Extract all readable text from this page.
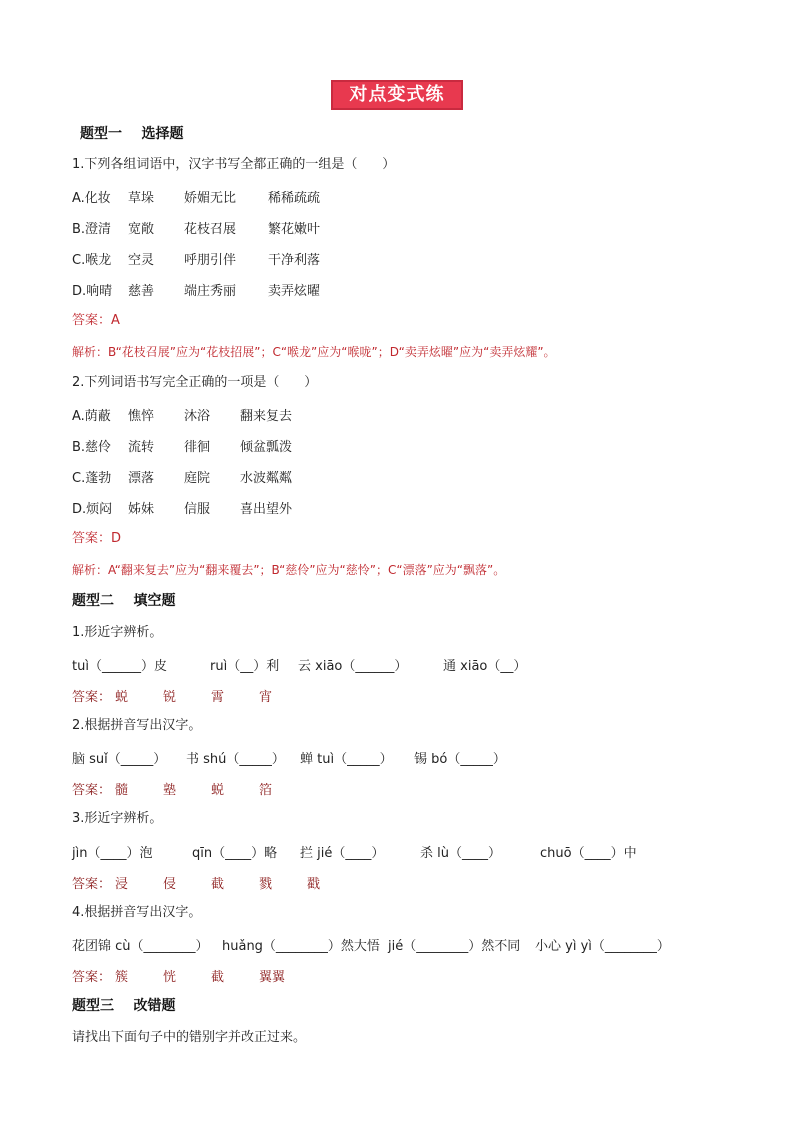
对点变式练
题型一    选择题
1.下列各组词语中，汉字书写全都正确的一组是（      ）
A.化妆 草垛 娇媚无比 稀稀疏疏
B.澄清 宽敞 花枝召展 繁花嫩叶
C.喉龙 空灵 呼朋引伴 干净利落
D.响晴 慈善 端庄秀丽 卖弄炫曜
答案：A
解析：B“花枝召展”应为“花枝招展”；C“喉龙”应为“喉咙”；D“卖弄炫曜”应为“卖弄炫耀”。
2.下列词语书写完全正确的一项是（      ）
A.荫蔽 憔悴 沐浴 翻来复去
B.慈伶 流转 徘徊 倾盆瓢泼
C.蓬勃 漂落 庭院 水波粼粼
D.烦闷 姊妹 信服 喜出望外
答案：D
解析：A“翻来复去”应为“翻来覆去”；B“慈伶”应为“慈怜”；C“漂落”应为“飘落”。
题型二    填空题
1.形近字辨析。
tuì（______）皮	ruì（__）利 云 xiāo（______）	通 xiāo（__）
答案： 蜕	锐	霄	宵
2.根据拼音写出汉字。
脑 suǐ（_____） 书 shú（_____） 蝉 tuì（_____） 锡 bó（_____）
答案： 髓	塾	蜕	箔
3.形近字辨析。
jìn（____）泡	qīn（____）略 拦 jié（____）	杀 lù（____）	chuō（____）中
答案： 浸	侵	截	戮	戳
4.根据拼音写出汉字。
花团锦 cù（________） huǎng（________）然大悟 jié（________）然不同 小心 yì yì（________）
答案： 簇	恍	截	翼翼
题型三    改错题
请找出下面句子中的错别字并改正过来。
